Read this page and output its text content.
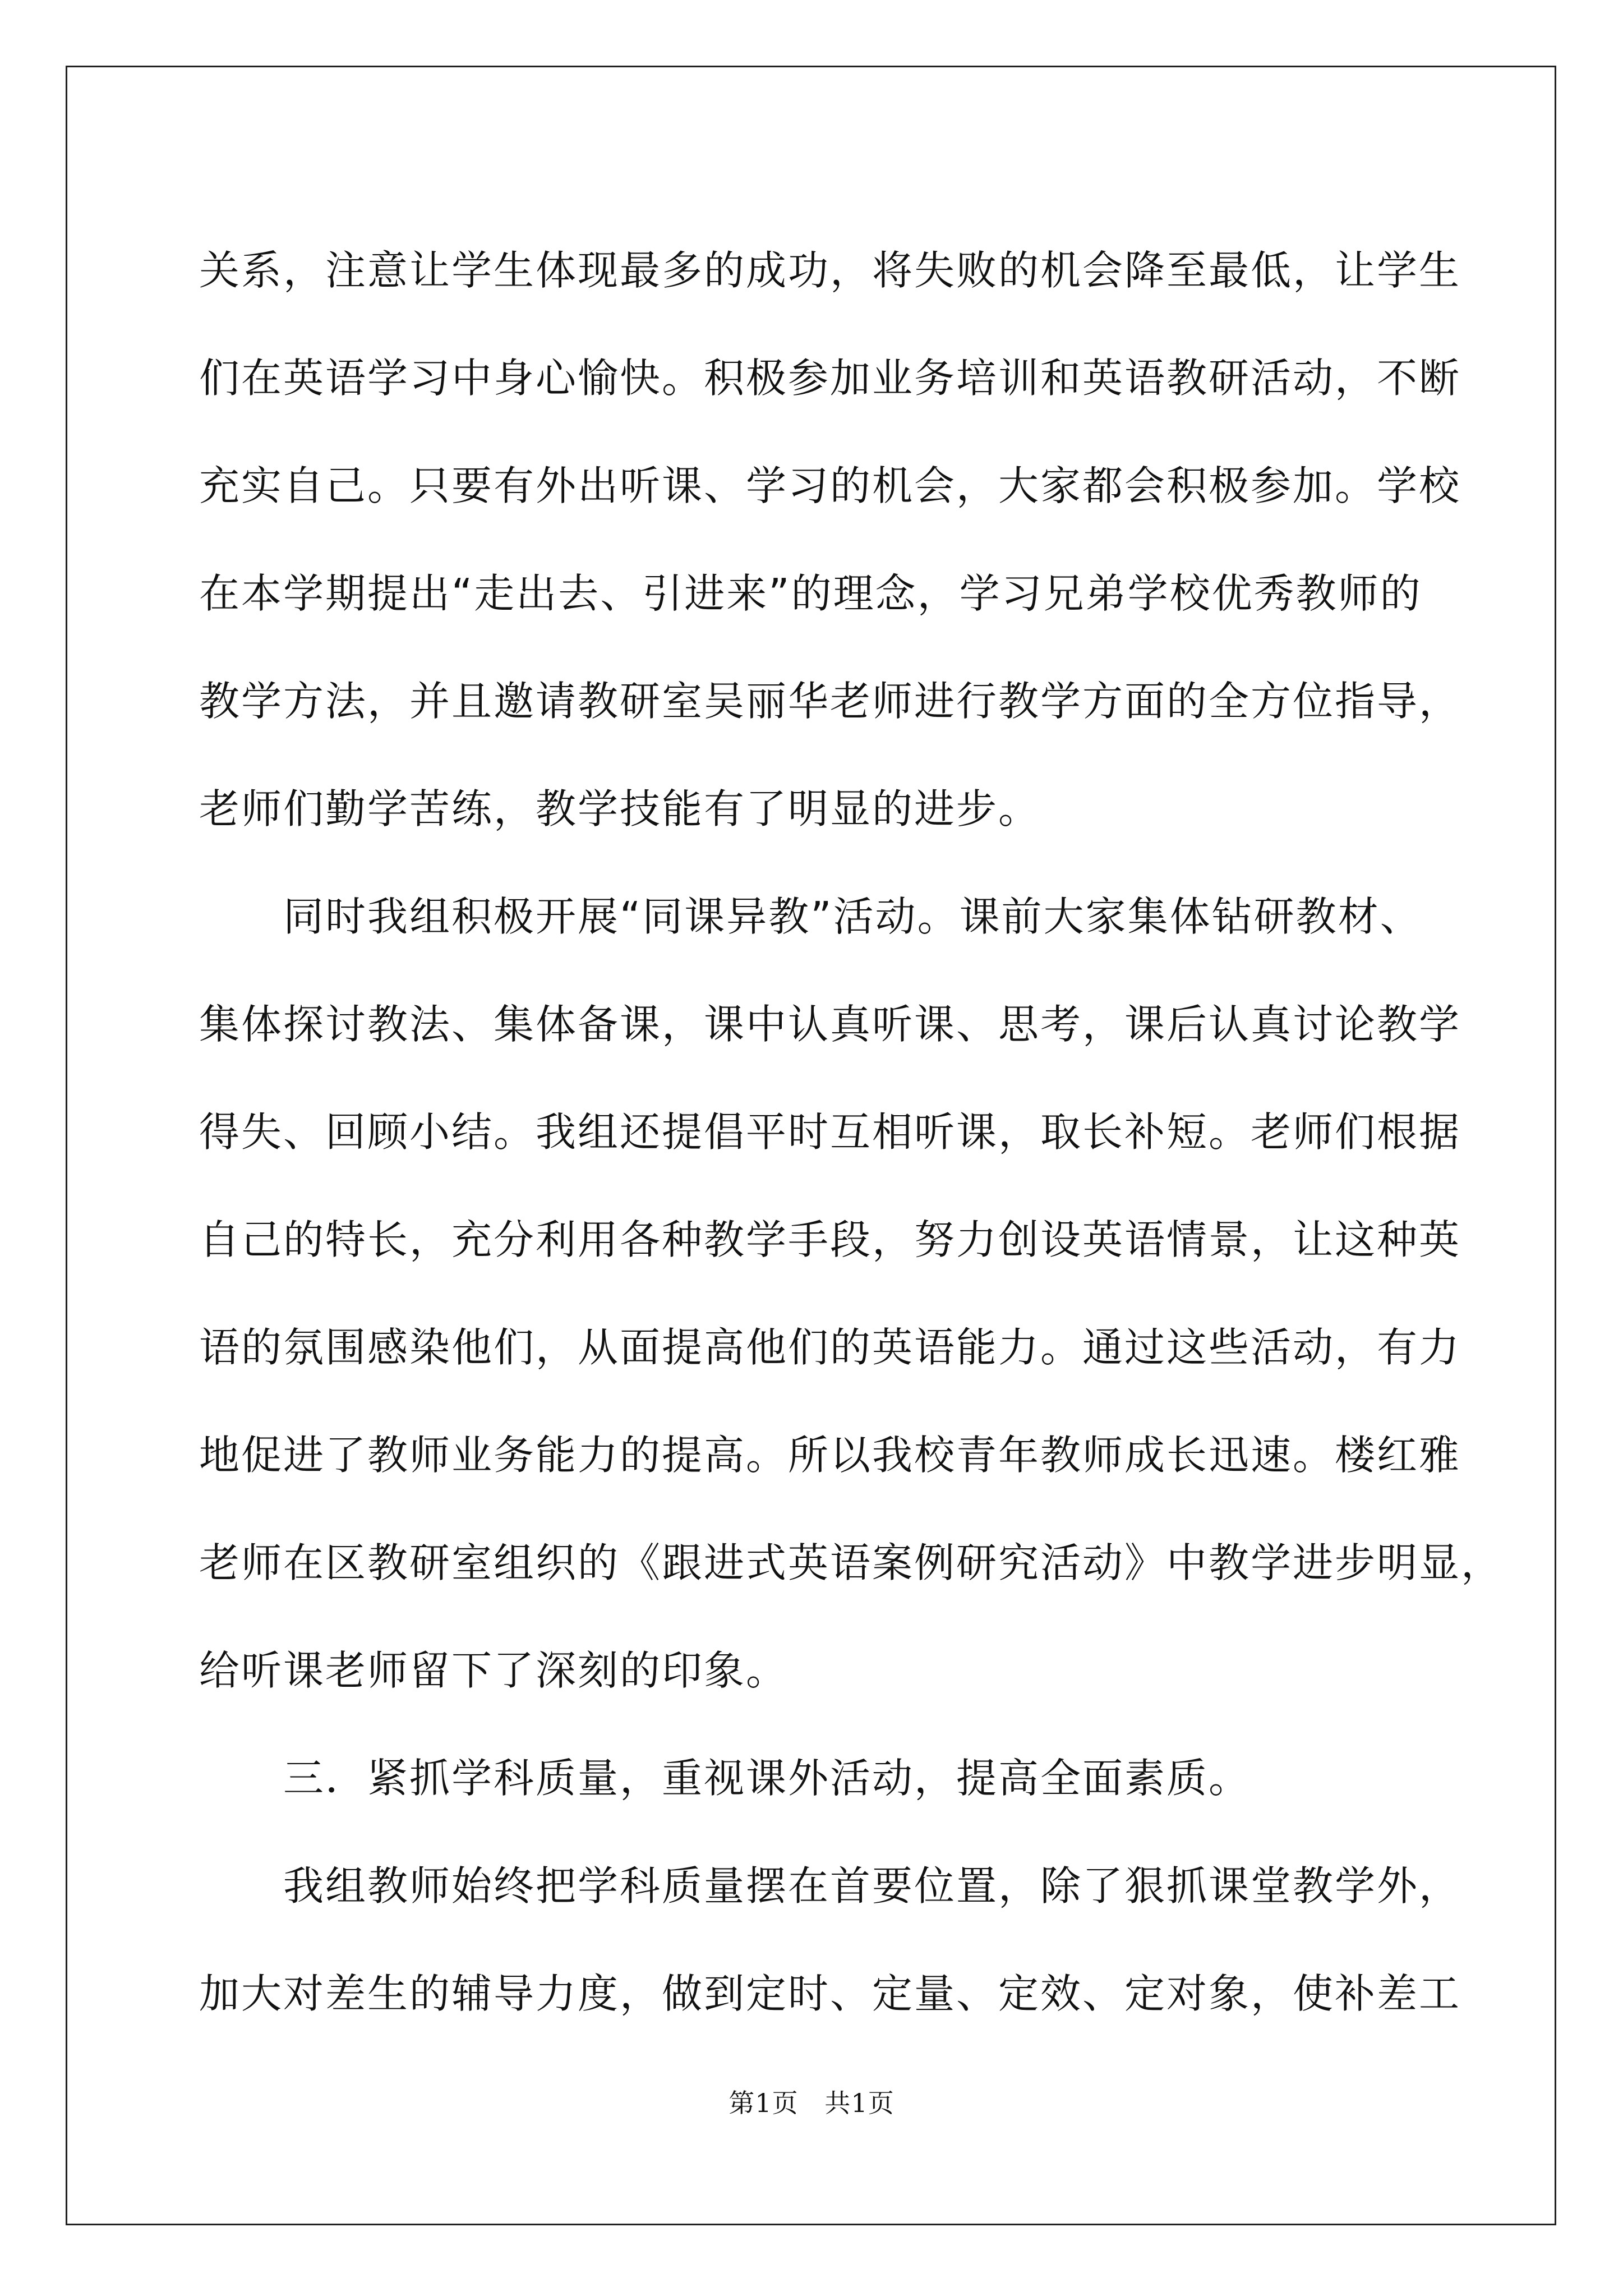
关系，注意让学生体现最多的成功，将失败的机会降至最低，让学生
们在英语学习中身心愉快。积极参加业务培训和英语教研活动，不断
充实自己。只要有外出听课、学习的机会，大家都会积极参加。学校
在本学期提出“走出去、引进来”的理念，学习兄弟学校优秀教师的
教学方法，并且邀请教研室吴丽华老师进行教学方面的全方位指导，
老师们勤学苦练，教学技能有了明显的进步。
同时我组积极开展“同课异教”活动。课前大家集体钻研教材、
集体探讨教法、集体备课，课中认真听课、思考，课后认真讨论教学
得失、回顾小结。我组还提倡平时互相听课，取长补短。老师们根据
自己的特长，充分利用各种教学手段，努力创设英语情景，让这种英
语的氛围感染他们，从面提高他们的英语能力。通过这些活动，有力
地促进了教师业务能力的提高。所以我校青年教师成长迅速。楼红雅
老师在区教研室组织的《跟进式英语案例研究活动》中教学进步明显，
给听课老师留下了深刻的印象。
三．紧抓学科质量，重视课外活动，提高全面素质。
我组教师始终把学科质量摆在首要位置，除了狠抓课堂教学外，
加大对差生的辅导力度，做到定时、定量、定效、定对象，使补差工
第1页   共1页
